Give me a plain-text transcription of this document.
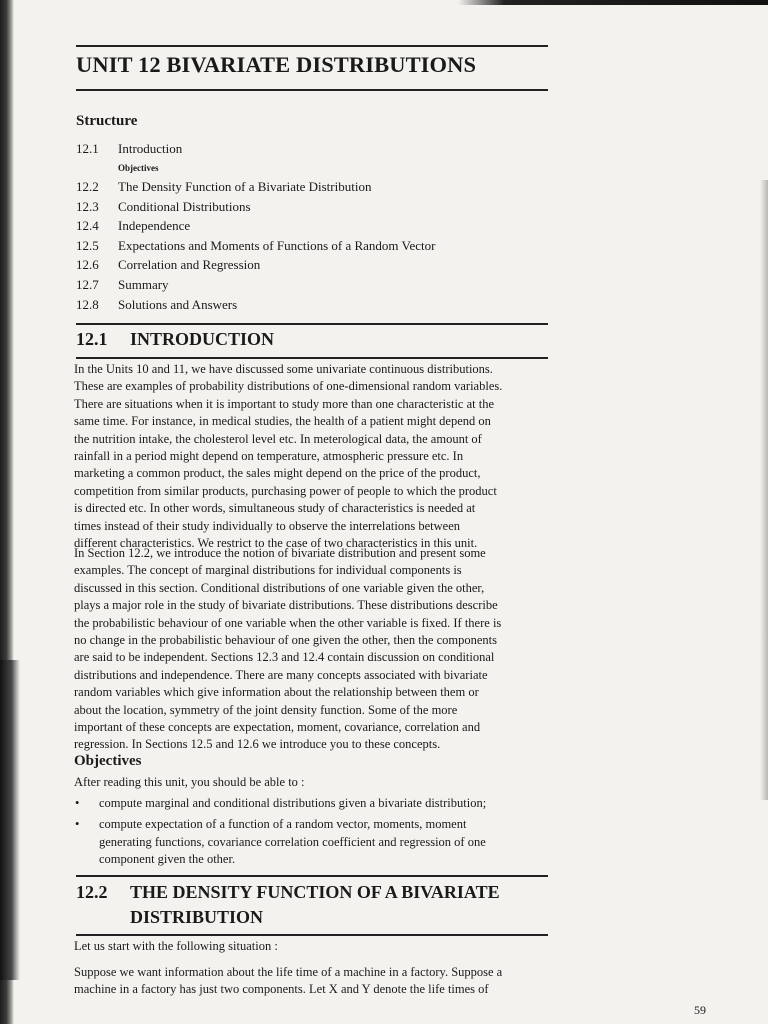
UNIT 12 BIVARIATE DISTRIBUTIONS
Structure
12.1 Introduction
Objectives
12.2 The Density Function of a Bivariate Distribution
12.3 Conditional Distributions
12.4 Independence
12.5 Expectations and Moments of Functions of a Random Vector
12.6 Correlation and Regression
12.7 Summary
12.8 Solutions and Answers
12.1 INTRODUCTION

In the Units 10 and 11, we have discussed some univariate continuous distributions.
These are examples of probability distributions of one-dimensional random variables.
There are situations when it is important to study more than one characteristic at the
same time. For instance, in medical studies, the health of a patient might depend on
the nutrition intake, the cholesterol level etc. In meterological data, the amount of
rainfall in a period might depend on temperature, atmospheric pressure etc. In
marketing a common product, the sales might depend on the price of the product,
competition from similar products, purchasing power of people to which the product
is directed etc. In other words, simultaneous study of characteristics is needed at
times instead of their study individually to observe the interrelations between
different characteristics. We restrict to the case of two characteristics in this unit.

In Section 12.2, we introduce the notion of bivariate distribution and present some
examples. The concept of marginal distributions for individual components is
discussed in this section. Conditional distributions of one variable given the other,
plays a major role in the study of bivariate distributions. These distributions describe
the probabilistic behaviour of one variable when the other variable is fixed. If there is
no change in the probabilistic behaviour of one given the other, then the components
are said to be independent. Sections 12.3 and 12.4 contain discussion on conditional
distributions and independence. There are many concepts associated with bivariate
random variables which give information about the relationship between them or
about the location, symmetry of the joint density function. Some of the more
important of these concepts are expectation, moment, covariance, correlation and
regression. In Sections 12.5 and 12.6 we introduce you to these concepts.

Objectives

After reading this unit, you should be able to :

• compute marginal and conditional distributions given a bivariate distribution;
• compute expectation of a function of a random vector, moments, moment
generating functions, covariance correlation coefficient and regression of one
component given the other.
12.2 THE DENSITY FUNCTION OF A BIVARIATE
DISTRIBUTION

Let us start with the following situation :

Suppose we want information about the life time of a machine in a factory. Suppose a
machine in a factory has just two components. Let X and Y denote the life times of

59
